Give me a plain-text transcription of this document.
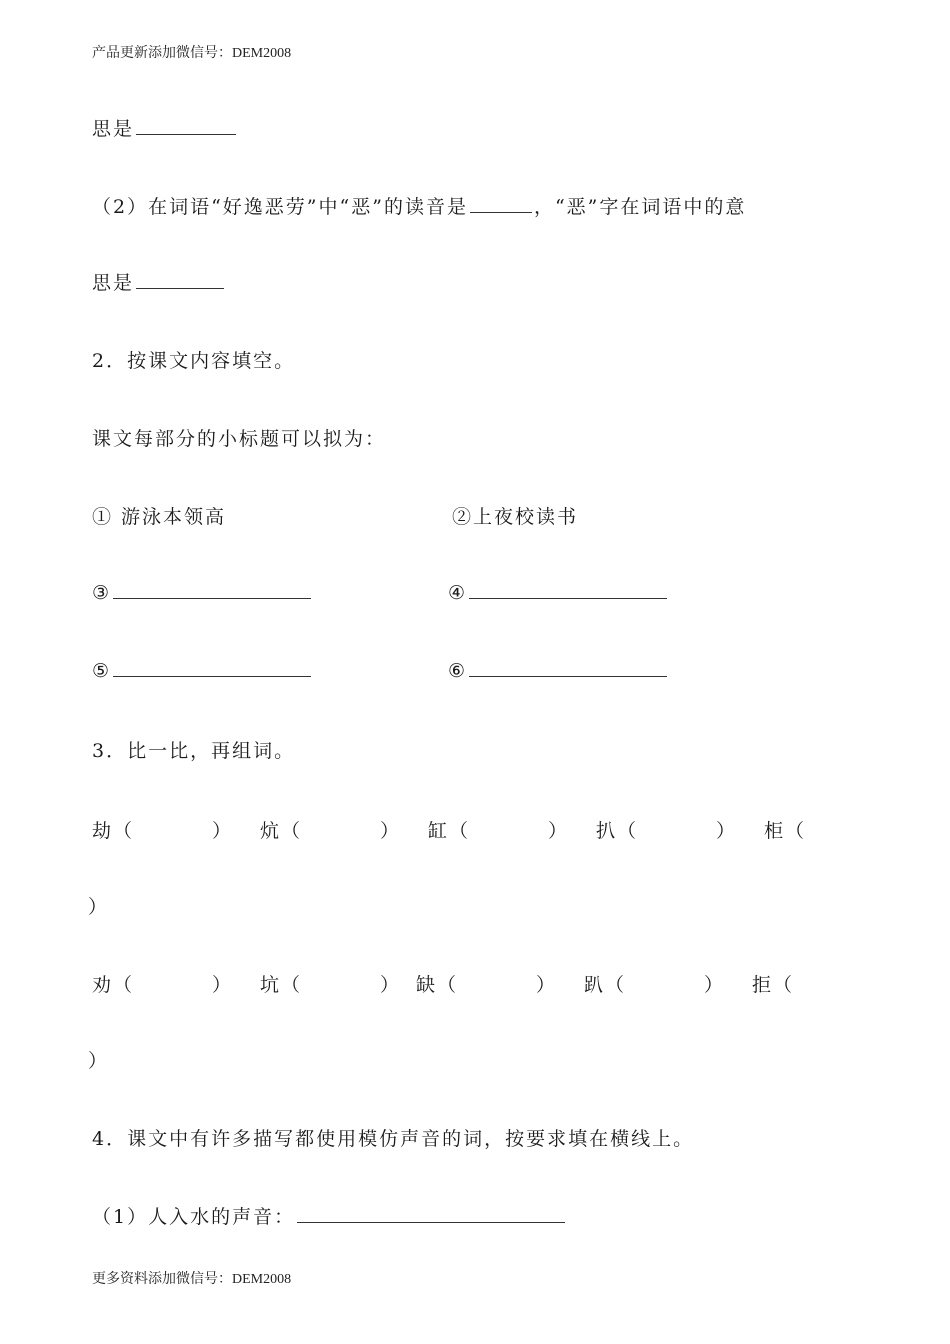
产品更新添加微信号：DEM2008
思是
（2）在词语“好逸恶劳”中“恶”的读音是	，“恶”字在词语中的意
思是
2．按课文内容填空。
课文每部分的小标题可以拟为：
① 游泳本领高	②上夜校读书
③	④
⑤	⑥
3．比一比，再组词。
劫（	） 炕（	） 缸（	） 扒（	） 柜（
）
劝（	） 坑（	） 缺（	） 趴（	） 拒（
）
4．课文中有许多描写都使用模仿声音的词，按要求填在横线上。
（1）人入水的声音：
更多资料添加微信号：DEM2008
